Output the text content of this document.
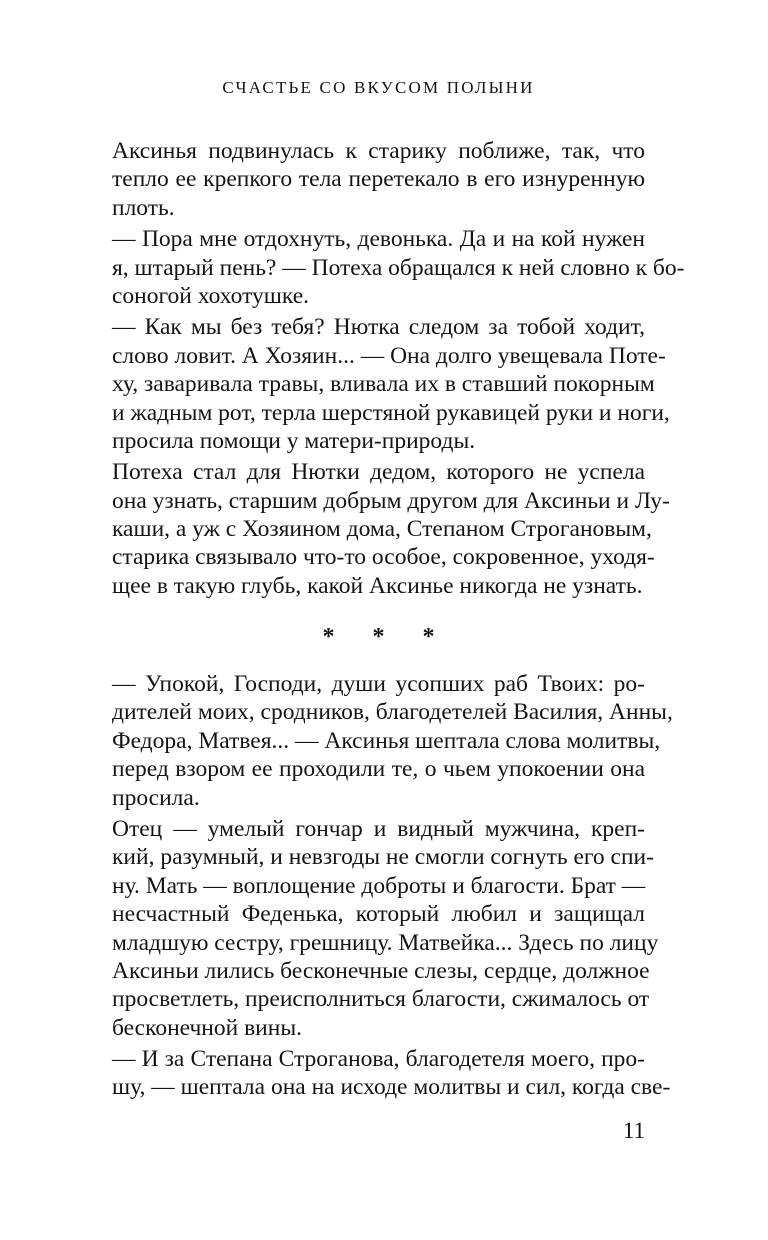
СЧАСТЬЕ СО ВКУСОМ ПОЛЫНИ
Аксинья подвинулась к старику поближе, так, что
тепло ее крепкого тела перетекало в его изнуренную
плоть.
— Пора мне отдохнуть, девонька. Да и на кой нужен
я, штарый пень? — Потеха обращался к ней словно к бо-
соногой хохотушке.
— Как мы без тебя? Нютка следом за тобой ходит,
слово ловит. А Хозяин... — Она долго увещевала Поте-
ху, заваривала травы, вливала их в ставший покорным
и жадным рот, терла шерстяной рукавицей руки и ноги,
просила помощи у матери-природы.
Потеха стал для Нютки дедом, которого не успела
она узнать, старшим добрым другом для Аксиньи и Лу-
каши, а уж с Хозяином дома, Степаном Строгановым,
старика связывало что-то особое, сокровенное, уходя-
щее в такую глубь, какой Аксинье никогда не узнать.
* * *
— Упокой, Господи, души усопших раб Твоих: ро-
дителей моих, сродников, благодетелей Василия, Анны,
Федора, Матвея... — Аксинья шептала слова молитвы,
перед взором ее проходили те, о чьем упокоении она
просила.
Отец — умелый гончар и видный мужчина, креп-
кий, разумный, и невзгоды не смогли согнуть его спи-
ну. Мать — воплощение доброты и благости. Брат —
несчастный Феденька, который любил и защищал
младшую сестру, грешницу. Матвейка... Здесь по лицу
Аксиньи лились бесконечные слезы, сердце, должное
просветлеть, преисполниться благости, сжималось от
бесконечной вины.
— И за Степана Строганова, благодетеля моего, про-
шу, — шептала она на исходе молитвы и сил, когда све-
11
